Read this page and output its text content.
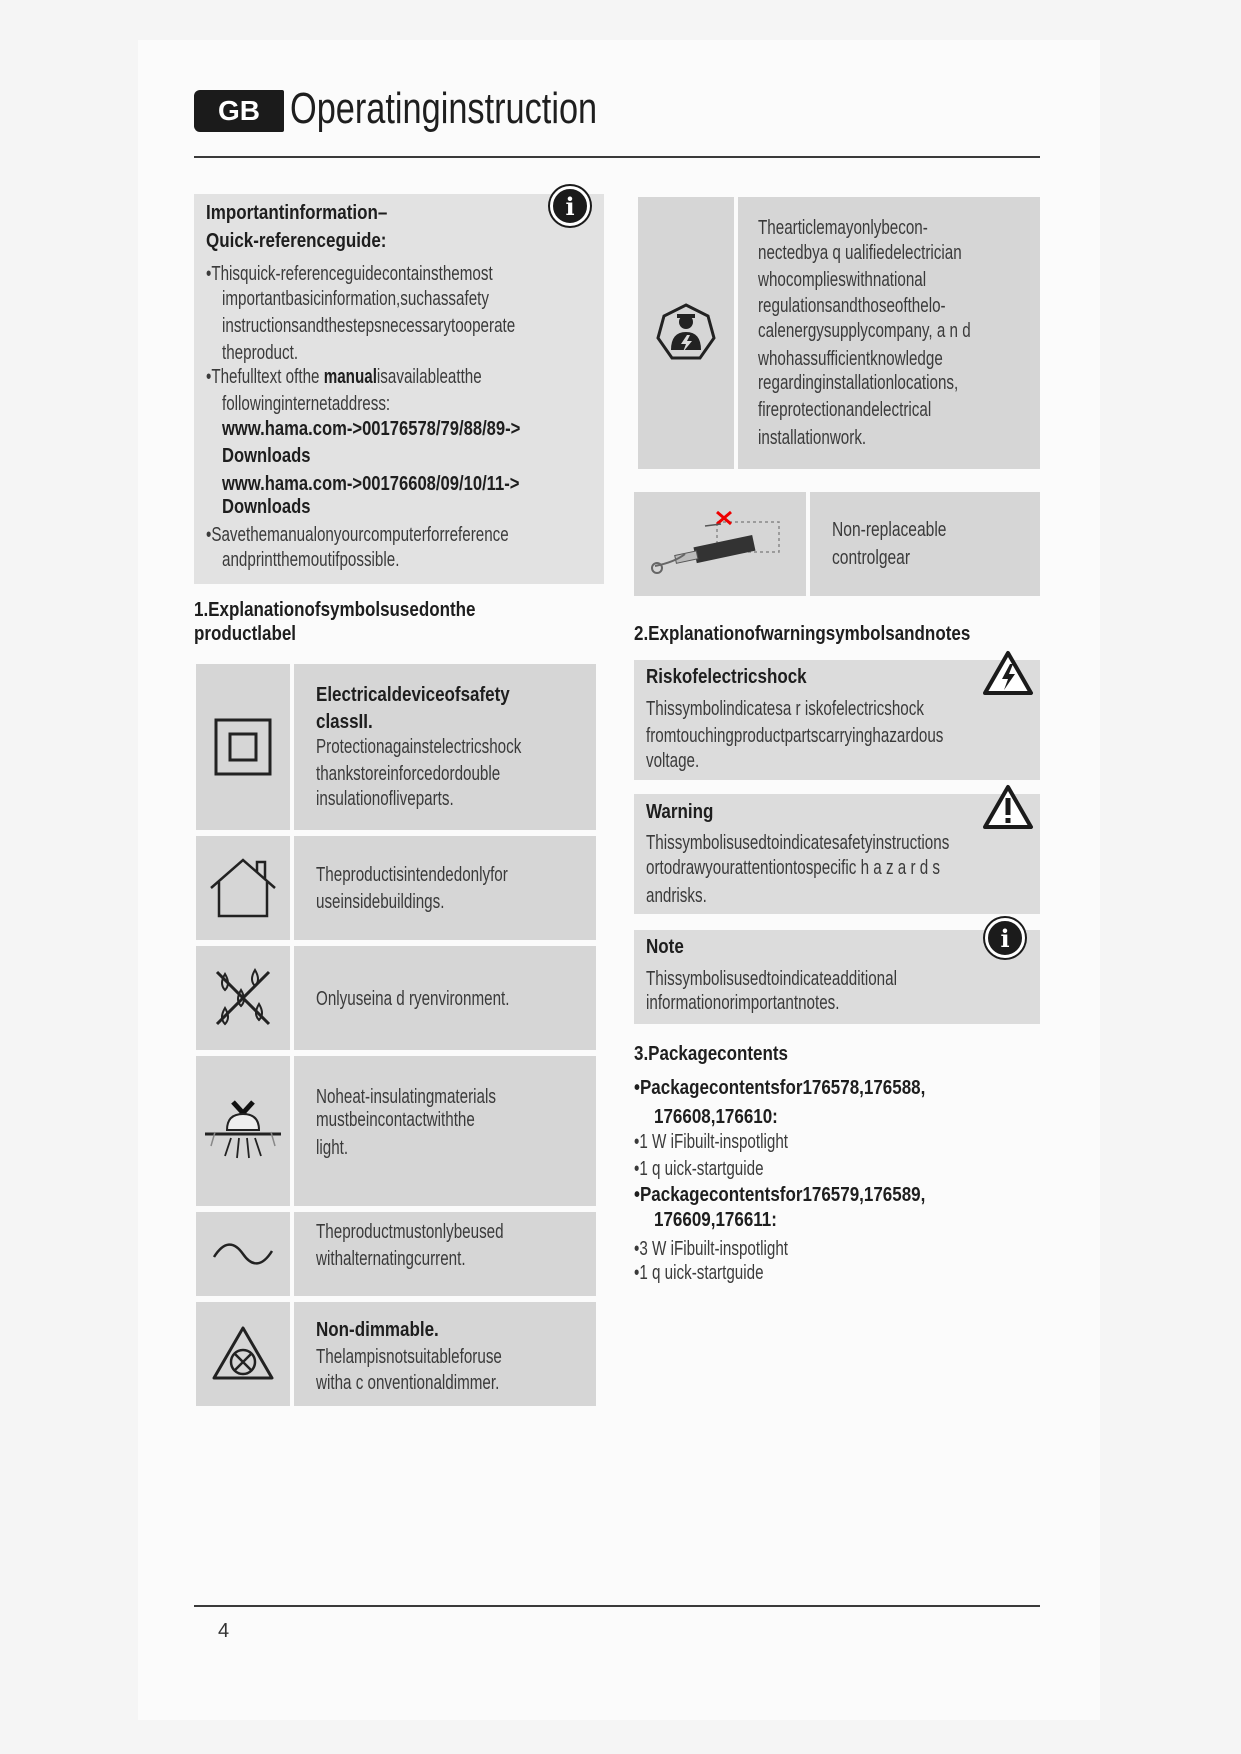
GB Operatinginstruction
i
Importantinformation–
Quick-referenceguide:
•Thisquick-referenceguidecontainsthemost
importantbasicinformation,suchassafety
instructionsandthestepsnecessarytooperate
theproduct.
•Thefulltext ofthe manualisavailableatthe
followinginternetaddress:
www.hama.com->00176578/79/88/89->
Downloads
www.hama.com->00176608/09/10/11->
Downloads
•Savethemanualonyourcomputerforreference
andprintthemoutifpossible.
Thearticlemayonlybecon-
nectedbya q ualifiedelectrician
whocomplieswithnational
regulationsandthoseofthelo-
calenergysupplycompany, a n d
whohassufficientknowledge
regardinginstallationlocations,
fireprotectionandelectrical
installationwork.
Non-replaceable
controlgear
1.Explanationofsymbolsusedonthe
productlabel
Electricaldeviceofsafety
classII.
Protectionagainstelectricshock
thankstoreinforcedordouble
insulationofliveparts.
Theproductisintendedonlyfor
useinsidebuildings.
Onlyuseina d ryenvironment.
Noheat-insulatingmaterials
mustbeincontactwiththe
light.
Theproductmustonlybeused
withalternatingcurrent.
Non-dimmable.
Thelampisnotsuitableforuse
witha c onventionaldimmer.
2.Explanationofwarningsymbolsandnotes
Riskofelectricshock
Thissymbolindicatesa r iskofelectricshock
fromtouchingproductpartscarryinghazardous
voltage.
Warning
Thissymbolisusedtoindicatesafetyinstructions
ortodrawyourattentiontospecific h a z a r d s
andrisks.
i
Note
Thissymbolisusedtoindicateadditional
informationorimportantnotes.
3.Packagecontents
•Packagecontentsfor176578,176588,
176608,176610:
•1 W iFibuilt-inspotlight
•1 q uick-startguide
•Packagecontentsfor176579,176589,
176609,176611:
•3 W iFibuilt-inspotlight
•1 q uick-startguide
4
